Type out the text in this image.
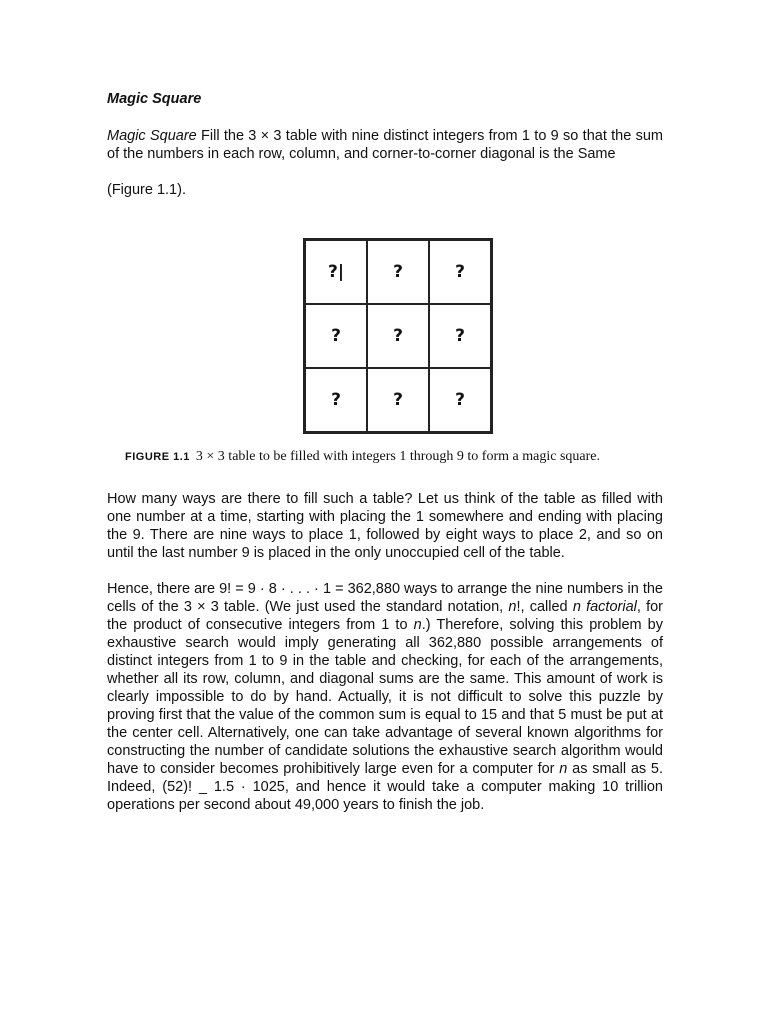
Magic Square

Magic Square Fill the 3 × 3 table with nine distinct integers from 1 to 9 so that the sum of the numbers in each row, column, and corner-to-corner diagonal is the Same

(Figure 1.1).

?|	?	?
?	?	?
?	?	?
FIGURE 1.1 3 × 3 table to be filled with integers 1 through 9 to form a magic square.

How many ways are there to fill such a table? Let us think of the table as filled with one number at a time, starting with placing the 1 somewhere and ending with placing the 9. There are nine ways to place 1, followed by eight ways to place 2, and so on until the last number 9 is placed in the only unoccupied cell of the table.

Hence, there are 9! = 9 · 8 · . . . · 1 = 362,880 ways to arrange the nine numbers in the cells of the 3 × 3 table. (We just used the standard notation, n!, called n factorial, for the product of consecutive integers from 1 to n.) Therefore, solving this problem by exhaustive search would imply generating all 362,880 possible arrangements of distinct integers from 1 to 9 in the table and checking, for each of the arrangements, whether all its row, column, and diagonal sums are the same. This amount of work is clearly impossible to do by hand. Actually, it is not difficult to solve this puzzle by proving first that the value of the common sum is equal to 15 and that 5 must be put at the center cell. Alternatively, one can take advantage of several known algorithms for constructing the number of candidate solutions the exhaustive search algorithm would have to consider becomes prohibitively large even for a computer for n as small as 5. Indeed, (52)! _ 1.5 · 1025, and hence it would take a computer making 10 trillion operations per second about 49,000 years to finish the job.
